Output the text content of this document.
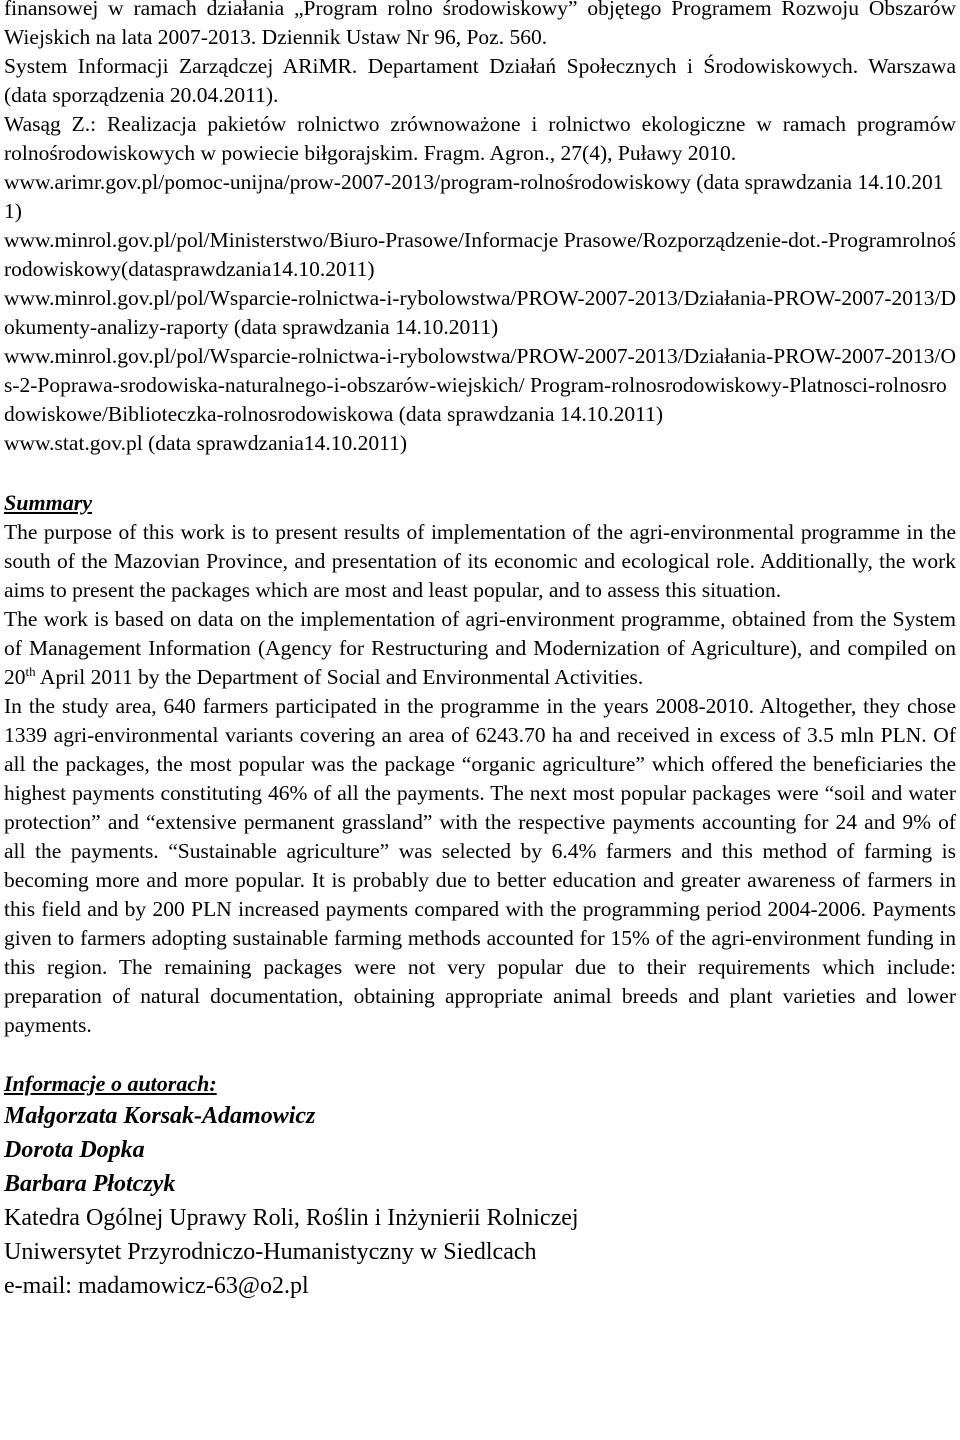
finansowej w ramach działania „Program rolno środowiskowy” objętego Programem Rozwoju Obszarów Wiejskich na lata 2007-2013. Dziennik Ustaw Nr 96, Poz. 560.

System Informacji Zarządczej ARiMR. Departament Działań Społecznych i Środowiskowych. Warszawa (data sporządzenia 20.04.2011).

Wasąg Z.: Realizacja pakietów rolnictwo zrównoważone i rolnictwo ekologiczne w ramach programów rolnośrodowiskowych w powiecie biłgorajskim. Fragm. Agron., 27(4), Puławy 2010.

www.arimr.gov.pl/pomoc-unijna/prow-2007-2013/program-rolnośrodowiskowy (data sprawdzania 14.10.2011)

www.minrol.gov.pl/pol/Ministerstwo/Biuro-Prasowe/Informacje Prasowe/Rozporządzenie-dot.-Programrolnośrodowiskowy(datasprawdzania14.10.2011)

www.minrol.gov.pl/pol/Wsparcie-rolnictwa-i-rybolowstwa/PROW-2007-2013/Działania-PROW-2007-2013/Dokumenty-analizy-raporty (data sprawdzania 14.10.2011)

www.minrol.gov.pl/pol/Wsparcie-rolnictwa-i-rybolowstwa/PROW-2007-2013/Działania-PROW-2007-2013/Os-2-Poprawa-srodowiska-naturalnego-i-obszarów-wiejskich/ Program-rolnosrodowiskowy-Platnosci-rolnosrodowiskowe/Biblioteczka-rolnosrodowiskowa (data sprawdzania 14.10.2011)

www.stat.gov.pl (data sprawdzania14.10.2011)

Summary

The purpose of this work is to present results of implementation of the agri-environmental programme in the south of the Mazovian Province, and presentation of its economic and ecological role. Additionally, the work aims to present the packages which are most and least popular, and to assess this situation.

The work is based on data on the implementation of agri-environment programme, obtained from the System of Management Information (Agency for Restructuring and Modernization of Agriculture), and compiled on 20th April 2011 by the Department of Social and Environmental Activities.

In the study area, 640 farmers participated in the programme in the years 2008-2010. Altogether, they chose 1339 agri-environmental variants covering an area of 6243.70 ha and received in excess of 3.5 mln PLN. Of all the packages, the most popular was the package “organic agriculture” which offered the beneficiaries the highest payments constituting 46% of all the payments. The next most popular packages were “soil and water protection” and “extensive permanent grassland” with the respective payments accounting for 24 and 9% of all the payments. “Sustainable agriculture” was selected by 6.4% farmers and this method of farming is becoming more and more popular. It is probably due to better education and greater awareness of farmers in this field and by 200 PLN increased payments compared with the programming period 2004-2006. Payments given to farmers adopting sustainable farming methods accounted for 15% of the agri-environment funding in this region. The remaining packages were not very popular due to their requirements which include: preparation of natural documentation, obtaining appropriate animal breeds and plant varieties and lower payments.

Informacje o autorach:

Małgorzata Korsak-Adamowicz

Dorota Dopka

Barbara Płotczyk

Katedra Ogólnej Uprawy Roli, Roślin i Inżynierii Rolniczej

Uniwersytet Przyrodniczo-Humanistyczny w Siedlcach

e-mail: madamowicz-63@o2.pl
